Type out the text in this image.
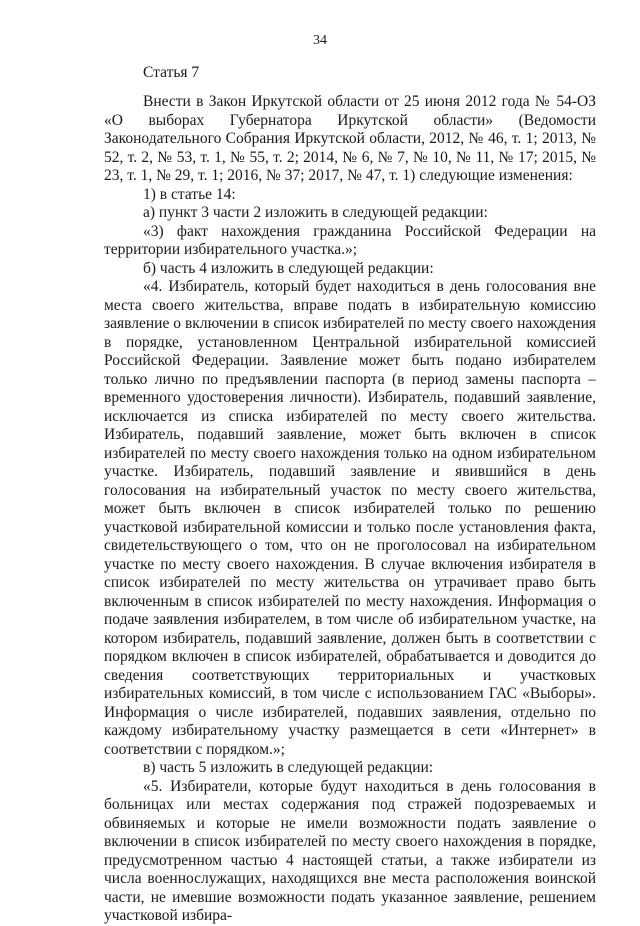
34
Статья 7

Внести в Закон Иркутской области от 25 июня 2012 года № 54-ОЗ «О выборах Губернатора Иркутской области» (Ведомости Законодательного Собрания Иркутской области, 2012, № 46, т. 1; 2013, № 52, т. 2, № 53, т. 1, № 55, т. 2; 2014, № 6, № 7, № 10, № 11, № 17; 2015, № 23, т. 1, № 29, т. 1; 2016, № 37; 2017, № 47, т. 1) следующие изменения:

1) в статье 14:

а) пункт 3 части 2 изложить в следующей редакции:

«3) факт нахождения гражданина Российской Федерации на территории избирательного участка.»;

б) часть 4 изложить в следующей редакции:

«4. Избиратель, который будет находиться в день голосования вне места своего жительства, вправе подать в избирательную комиссию заявление о включении в список избирателей по месту своего нахождения в порядке, установленном Центральной избирательной комиссией Российской Федерации. Заявление может быть подано избирателем только лично по предъявлении паспорта (в период замены паспорта – временного удостоверения личности). Избиратель, подавший заявление, исключается из списка избирателей по месту своего жительства. Избиратель, подавший заявление, может быть включен в список избирателей по месту своего нахождения только на одном избирательном участке. Избиратель, подавший заявление и явившийся в день голосования на избирательный участок по месту своего жительства, может быть включен в список избирателей только по решению участковой избирательной комиссии и только после установления факта, свидетельствующего о том, что он не проголосовал на избирательном участке по месту своего нахождения. В случае включения избирателя в список избирателей по месту жительства он утрачивает право быть включенным в список избирателей по месту нахождения. Информация о подаче заявления избирателем, в том числе об избирательном участке, на котором избиратель, подавший заявление, должен быть в соответствии с порядком включен в список избирателей, обрабатывается и доводится до сведения соответствующих территориальных и участковых избирательных комиссий, в том числе с использованием ГАС «Выборы». Информация о числе избирателей, подавших заявления, отдельно по каждому избирательному участку размещается в сети «Интернет» в соответствии с порядком.»;

в) часть 5 изложить в следующей редакции:

«5. Избиратели, которые будут находиться в день голосования в больницах или местах содержания под стражей подозреваемых и обвиняемых и которые не имели возможности подать заявление о включении в список избирателей по месту своего нахождения в порядке, предусмотренном частью 4 настоящей статьи, а также избиратели из числа военнослужащих, находящихся вне места расположения воинской части, не имевшие возможности подать указанное заявление, решением участковой избира-
